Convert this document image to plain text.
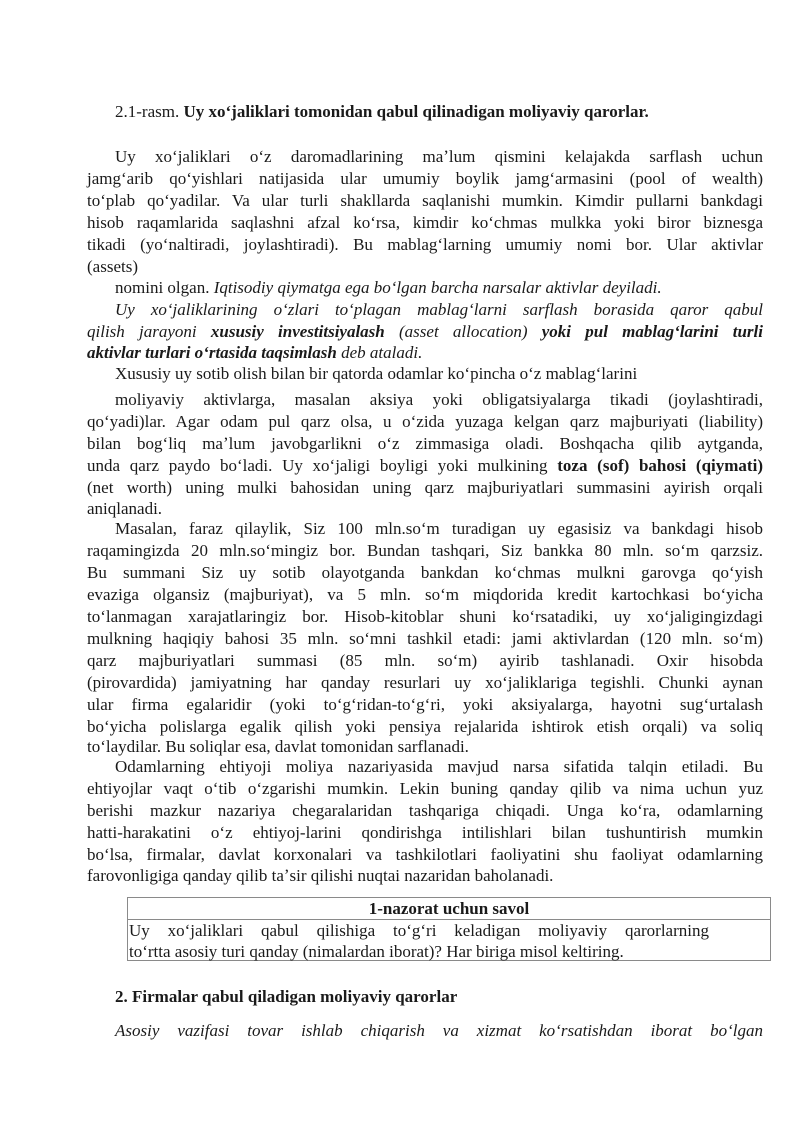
2.1-rasm. Uy xoʻjaliklari tomonidan qabul qilinadigan moliyaviy qarorlar.
Uy xoʻjaliklari oʻz daromadlarining maʼlum qismini kelajakda sarflash uchun
jamgʻarib qoʻyishlari natijasida ular umumiy boylik jamgʻarmasini (pool of wealth)
toʻplab qoʻyadilar. Va ular turli shakllarda saqlanishi mumkin. Kimdir pullarni bankdagi
hisob raqamlarida saqlashni afzal koʻrsa, kimdir koʻchmas mulkka yoki biror biznesga
tikadi (yoʻnaltiradi, joylashtiradi). Bu mablagʻlarning umumiy nomi bor. Ular aktivlar
(assets)
nomini olgan. Iqtisodiy qiymatga ega boʻlgan barcha narsalar aktivlar deyiladi.
Uy xoʻjaliklarining oʻzlari toʻplagan mablagʻlarni sarflash borasida qaror qabul
qilish jarayoni xususiy investitsiyalash (asset allocation) yoki pul mablagʻlarini turli
aktivlar turlari oʻrtasida taqsimlash deb ataladi.
Xususiy uy sotib olish bilan bir qatorda odamlar koʻpincha oʻz mablagʻlarini
moliyaviy aktivlarga, masalan aksiya yoki obligatsiyalarga tikadi (joylashtiradi,
qoʻyadi)lar. Agar odam pul qarz olsa, u oʻzida yuzaga kelgan qarz majburiyati (liability)
bilan bogʻliq maʼlum javobgarlikni oʻz zimmasiga oladi. Boshqacha qilib aytganda,
unda qarz paydo boʻladi. Uy xoʻjaligi boyligi yoki mulkining toza (sof) bahosi (qiymati)
(net worth) uning mulki bahosidan uning qarz majburiyatlari summasini ayirish orqali
aniqlanadi.
Masalan, faraz qilaylik, Siz 100 mln.soʻm turadigan uy egasisiz va bankdagi hisob
raqamingizda 20 mln.soʻmingiz bor. Bundan tashqari, Siz bankka 80 mln. soʻm qarzsiz.
Bu summani Siz uy sotib olayotganda bankdan koʻchmas mulkni garovga qoʻyish
evaziga olgansiz (majburiyat), va 5 mln. soʻm miqdorida kredit kartochkasi boʻyicha
toʻlanmagan xarajatlaringiz bor. Hisob-kitoblar shuni koʻrsatadiki, uy xoʻjaligingizdagi
mulkning haqiqiy bahosi 35 mln. soʻmni tashkil etadi: jami aktivlardan (120 mln. soʻm)
qarz majburiyatlari summasi (85 mln. soʻm) ayirib tashlanadi. Oxir hisobda
(pirovardida) jamiyatning har qanday resurlari uy xoʻjaliklariga tegishli. Chunki aynan
ular firma egalaridir (yoki toʻgʻridan-toʻgʻri, yoki aksiyalarga, hayotni sugʻurtalash
boʻyicha polislarga egalik qilish yoki pensiya rejalarida ishtirok etish orqali) va soliq
toʻlaydilar. Bu soliqlar esa, davlat tomonidan sarflanadi.
Odamlarning ehtiyoji moliya nazariyasida mavjud narsa sifatida talqin etiladi. Bu
ehtiyojlar vaqt oʻtib oʻzgarishi mumkin. Lekin buning qanday qilib va nima uchun yuz
berishi mazkur nazariya chegaralaridan tashqariga chiqadi. Unga koʻra, odamlarning
hatti-harakatini oʻz ehtiyoj-larini qondirishga intilishlari bilan tushuntirish mumkin
boʻlsa, firmalar, davlat korxonalari va tashkilotlari faoliyatini shu faoliyat odamlarning
farovonligiga qanday qilib taʼsir qilishi nuqtai nazaridan baholanadi.
1-nazorat uchun savol
Uy xoʻjaliklari qabul qilishiga toʻgʻri keladigan moliyaviy qarorlarning
toʻrtta asosiy turi qanday (nimalardan iborat)? Har biriga misol keltiring.
2. Firmalar qabul qiladigan moliyaviy qarorlar
Asosiy vazifasi tovar ishlab chiqarish va xizmat koʻrsatishdan iborat boʻlgan
